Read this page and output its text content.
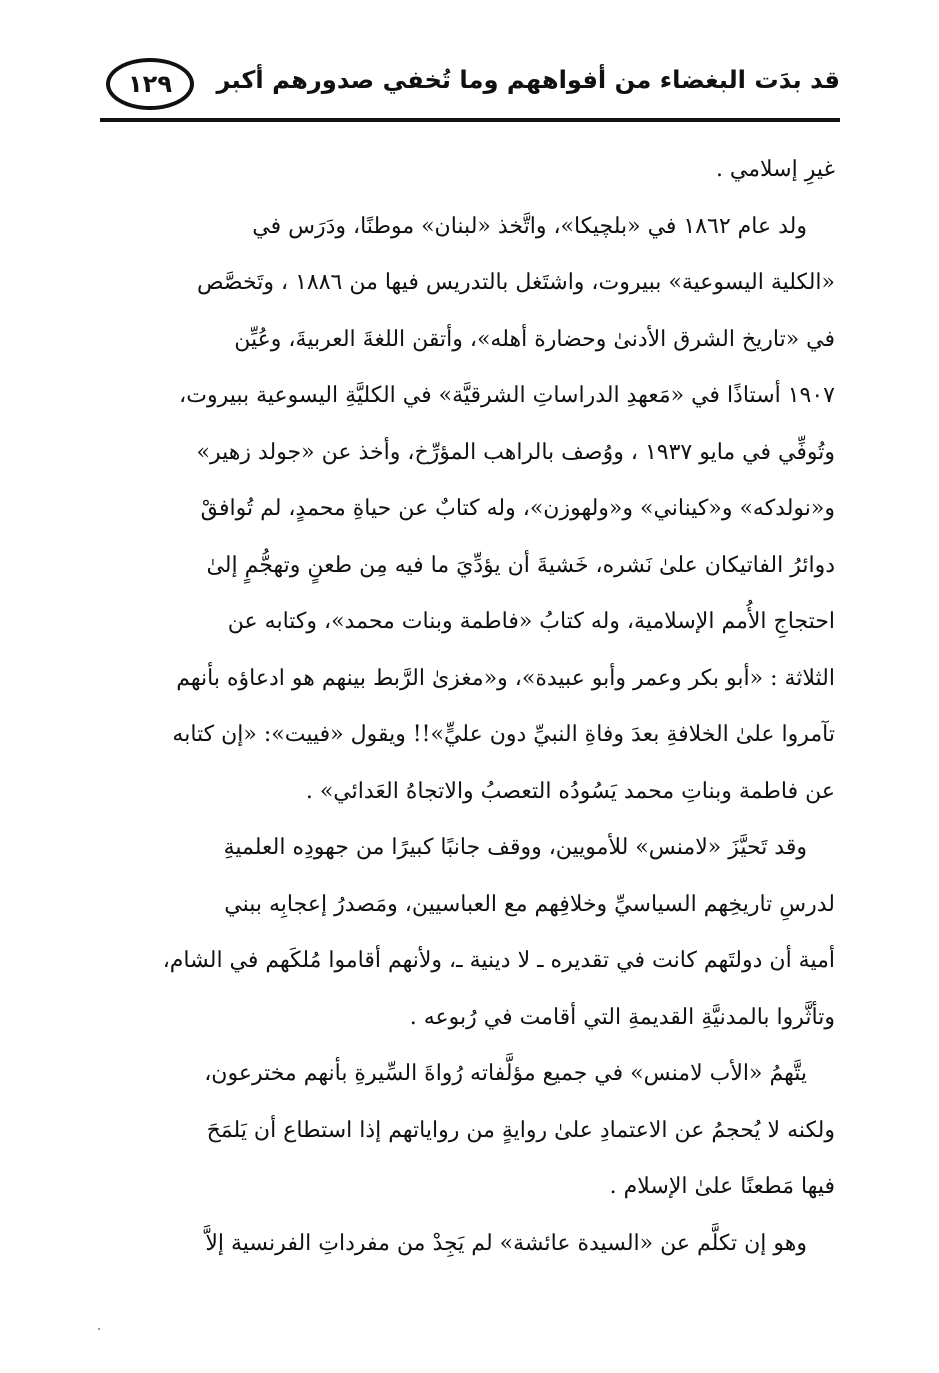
قد بدَت البغضاء من أفواههم وما تُخفي صدورهم أكبر
١٢٩
غيرِ إسلامي .
ولد عام ١٨٦٢ في «بلچيكا»، واتَّخذ «لبنان» موطنًا، ودَرَس في
«الكلية اليسوعية» ببيروت، واشتَغل بالتدريس فيها من ١٨٨٦ ، وتَخصَّص
في «تاريخ الشرق الأدنىٰ وحضارة أهله»، وأتقن اللغةَ العربيةَ، وعُيِّن
١٩٠٧ أستاذًا في «مَعهدِ الدراساتِ الشرقيَّة» في الكليَّةِ اليسوعية ببيروت،
وتُوفِّي في مايو ١٩٣٧ ، ووُصف بالراهب المؤرِّخ، وأخذ عن «جولد زهير»
و«نولدكه» و«كيناني» و«ولهوزن»، وله كتابٌ عن حياةِ محمدٍ، لم تُوافقْ
دوائرُ الفاتيكان علىٰ نَشره، خَشيةَ أن يؤدِّيَ ما فيه مِن طعنٍ وتهجُّمٍ إلىٰ
احتجاجِ الأُمم الإسلامية، وله كتابُ «فاطمة وبنات محمد»، وكتابه عن
الثلاثة : «أبو بكر وعمر وأبو عبيدة»، و«مغزىٰ الرَّبط بينهم هو ادعاؤه بأنهم
تآمروا علىٰ الخلافةِ بعدَ وفاةِ النبيِّ دون عليٍّ»!! ويقول «فييت»: «إن كتابه
عن فاطمة وبناتِ محمد يَسُودُه التعصبُ والاتجاهُ العَدائي» .
وقد تَحيَّزَ «لامنس» للأمويين، ووقف جانبًا كبيرًا من جهودِه العلميةِ
لدرسِ تاريخِهم السياسيِّ وخلافِهم مع العباسيين، ومَصدرُ إعجابِه ببني
أمية أن دولتَهم كانت في تقديره ـ لا دينية ـ، ولأنهم أقاموا مُلكَهم في الشام،
وتأثَّروا بالمدنيَّةِ القديمةِ التي أقامت في رُبوعه .
يتَّهمُ «الأب لامنس» في جميع مؤلَّفاته رُواةَ السِّيرةِ بأنهم مخترعون،
ولكنه لا يُحجمُ عن الاعتمادِ علىٰ روايةٍ من رواياتهم إذا استطاع أن يَلمَحَ
فيها مَطعنًا علىٰ الإسلام .
وهو إن تكلَّم عن «السيدة عائشة» لم يَجِدْ من مفرداتِ الفرنسية إلاَّ
